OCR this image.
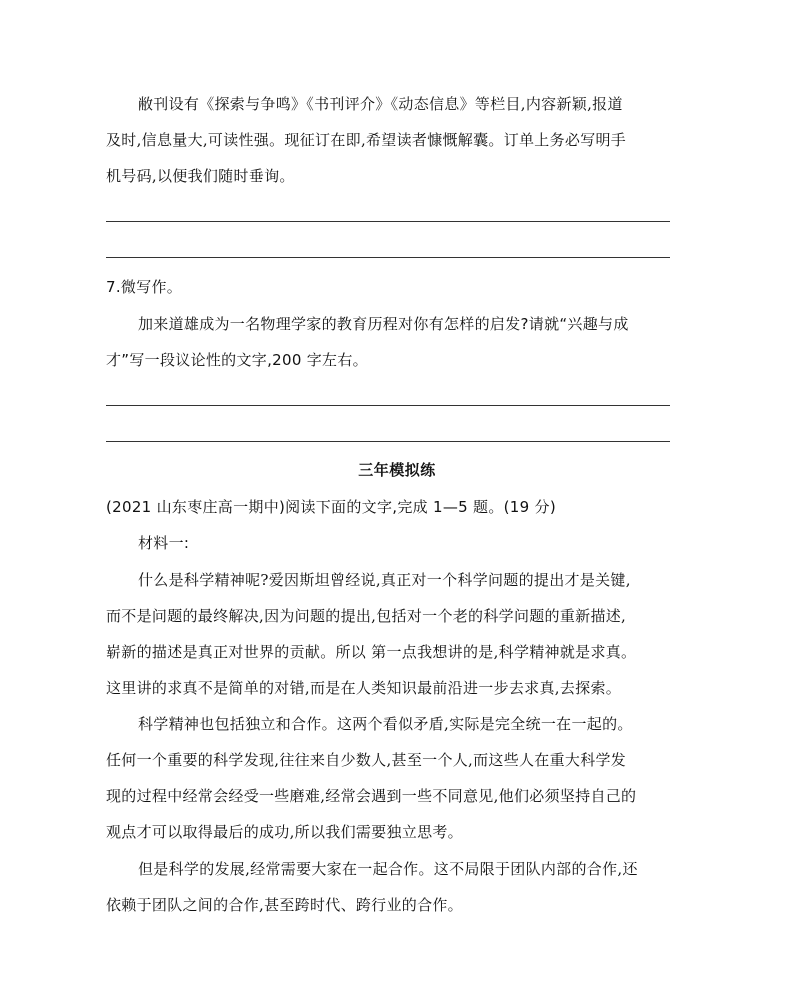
敝刊设有《探索与争鸣》《书刊评介》《动态信息》等栏目,内容新颖,报道
及时,信息量大,可读性强。现征订在即,希望读者慷慨解囊。订单上务必写明手
机号码,以便我们随时垂询。
7.微写作。
加来道雄成为一名物理学家的教育历程对你有怎样的启发?请就“兴趣与成
才”写一段议论性的文字,200 字左右。
三年模拟练
(2021 山东枣庄高一期中)阅读下面的文字,完成 1—5 题。(19 分)
材料一:
什么是科学精神呢?爱因斯坦曾经说,真正对一个科学问题的提出才是关键,
而不是问题的最终解决,因为问题的提出,包括对一个老的科学问题的重新描述,
崭新的描述是真正对世界的贡献。所以 第一点我想讲的是,科学精神就是求真。
这里讲的求真不是简单的对错,而是在人类知识最前沿进一步去求真,去探索。
科学精神也包括独立和合作。这两个看似矛盾,实际是完全统一在一起的。
任何一个重要的科学发现,往往来自少数人,甚至一个人,而这些人在重大科学发
现的过程中经常会经受一些磨难,经常会遇到一些不同意见,他们必须坚持自己的
观点才可以取得最后的成功,所以我们需要独立思考。
但是科学的发展,经常需要大家在一起合作。这不局限于团队内部的合作,还
依赖于团队之间的合作,甚至跨时代、跨行业的合作。
